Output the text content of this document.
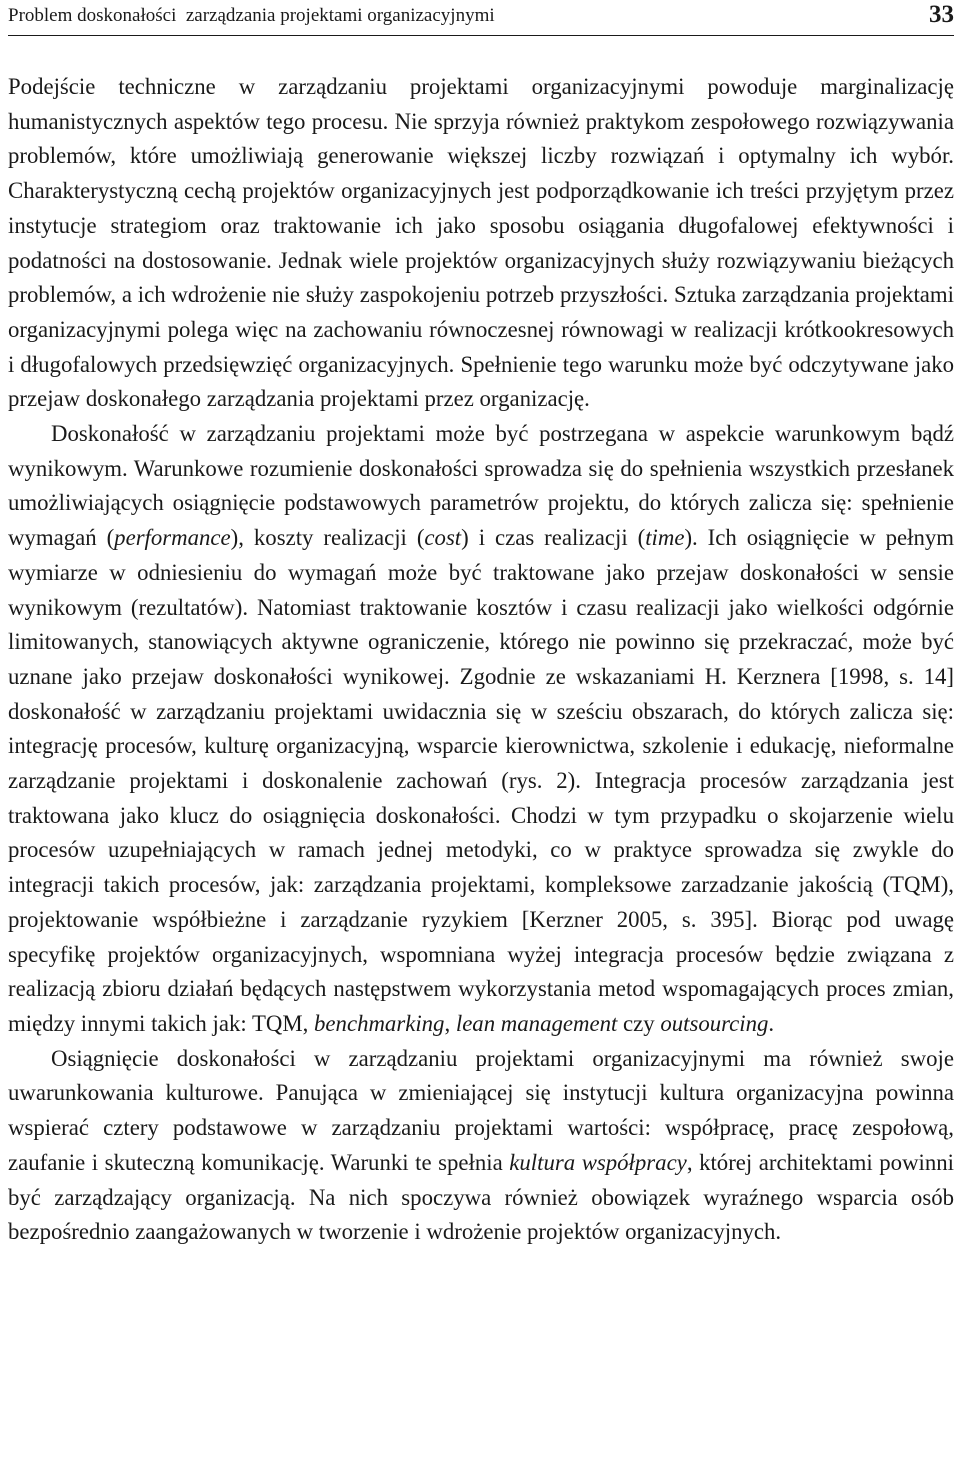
Problem doskonałości  zarządzania projektami organizacyjnymi	33

Podejście techniczne w zarządzaniu projektami organizacyjnymi powoduje marginalizację humanistycznych aspektów tego procesu. Nie sprzyja również praktykom zespołowego rozwiązywania problemów, które umożliwiają generowanie większej liczby rozwiązań i optymalny ich wybór. Charakterystyczną cechą projektów organizacyjnych jest podporządkowanie ich treści przyjętym przez instytucje strategiom oraz traktowanie ich jako sposobu osiągania długofalowej efektywności i podatności na dostosowanie. Jednak wiele projektów organizacyjnych służy rozwiązywaniu bieżących problemów, a ich wdrożenie nie służy zaspokojeniu potrzeb przyszłości. Sztuka zarządzania projektami organizacyjnymi polega więc na zachowaniu równoczesnej równowagi w realizacji krótkookresowych i długofalowych przedsięwzięć organizacyjnych. Spełnienie tego warunku może być odczytywane jako przejaw doskonałego zarządzania projektami przez organizację.

Doskonałość w zarządzaniu projektami może być postrzegana w aspekcie warunkowym bądź wynikowym. Warunkowe rozumienie doskonałości sprowadza się do spełnienia wszystkich przesłanek umożliwiających osiągnięcie podstawowych parametrów projektu, do których zalicza się: spełnienie wymagań (performance), koszty realizacji (cost) i czas realizacji (time). Ich osiągnięcie w pełnym wymiarze w odniesieniu do wymagań może być traktowane jako przejaw doskonałości w sensie wynikowym (rezultatów). Natomiast traktowanie kosztów i czasu realizacji jako wielkości odgórnie limitowanych, stanowiących aktywne ograniczenie, którego nie powinno się przekraczać, może być uznane jako przejaw doskonałości wynikowej. Zgodnie ze wskazaniami H. Kerznera [1998, s. 14] doskonałość w zarządzaniu projektami uwidacznia się w sześciu obszarach, do których zalicza się: integrację procesów, kulturę organizacyjną, wsparcie kierownictwa, szkolenie i edukację, nieformalne zarządzanie projektami i doskonalenie zachowań (rys. 2). Integracja procesów zarządzania jest traktowana jako klucz do osiągnięcia doskonałości. Chodzi w tym przypadku o skojarzenie wielu procesów uzupełniających w ramach jednej metodyki, co w praktyce sprowadza się zwykle do integracji takich procesów, jak: zarządzania projektami, kompleksowe zarzadzanie jakością (TQM), projektowanie współbieżne i zarządzanie ryzykiem [Kerzner 2005, s. 395]. Biorąc pod uwagę specyfikę projektów organizacyjnych, wspomniana wyżej integracja procesów będzie związana z realizacją zbioru działań będących następstwem wykorzystania metod wspomagających proces zmian, między innymi takich jak: TQM, benchmarking, lean management czy outsourcing.

Osiągnięcie doskonałości w zarządzaniu projektami organizacyjnymi ma również swoje uwarunkowania kulturowe. Panująca w zmieniającej się instytucji kultura organizacyjna powinna wspierać cztery podstawowe w zarządzaniu projektami wartości: współpracę, pracę zespołową, zaufanie i skuteczną komunikację. Warunki te spełnia kultura współpracy, której architektami powinni być zarządzający organizacją. Na nich spoczywa również obowiązek wyraźnego wsparcia osób bezpośrednio zaangażowanych w tworzenie i wdrożenie projektów organizacyjnych.
